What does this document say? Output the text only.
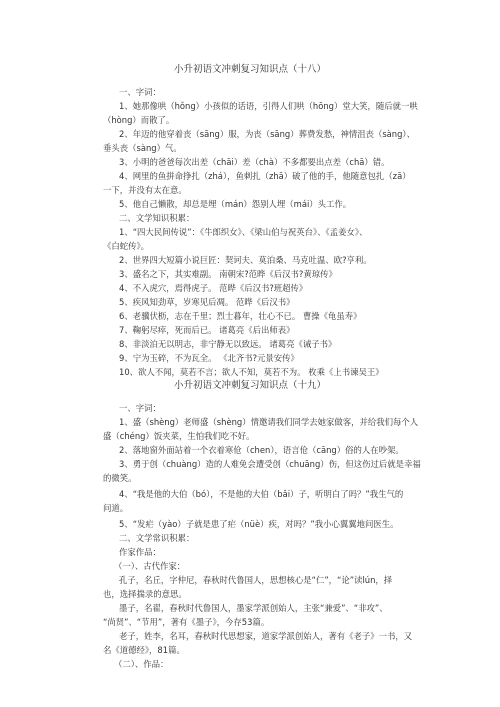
小升初语文冲刺复习知识点（十八）
一、字词：
1、她那像哄（hǒng）小孩似的话语，引得人们哄（hōng）堂大笑，随后就一哄
（hòng）而散了。
2、年迈的他穿着丧（sāng）服，为丧（sāng）葬费发愁，神情沮丧（sàng）、
垂头丧（sàng）气。
3、小明的爸爸每次出差（chāi）差（chà）不多都要出点差（chā）错。
4、网里的鱼拼命挣扎（zhá），鱼刺扎（zhā）破了他的手，他随意包扎（zā）
一下，并没有太在意。
5、他自己懒散，却总是埋（mán）怨别人埋（mái）头工作。
二、文学知识积累：
1、“四大民间传说”：《牛郎织女》、《梁山伯与祝英台》、《孟姜女》、
《白蛇传》。
2、世界四大短篇小说巨匠：契诃夫、莫泊桑、马克吐温、欧?亨利。
3、盛名之下，其实难副。 南朝宋?范晔《后汉书?黄琼传》
4、不入虎穴，焉得虎子。 范晔《后汉书?班超传》
5、疾风知劲草，岁寒见后凋。 范晔《后汉书》
6、老骥伏枥，志在千里；烈士暮年，壮心不已。 曹操《龟虽寿》
7、鞠躬尽瘁，死而后已。 诸葛亮《后出师表》
8、非淡泊无以明志，非宁静无以致远。 诸葛亮《诫子书》
9、宁为玉碎，不为瓦全。 《北齐书?元景安传》
10、欲人不闻，莫若不言；欲人不知，莫若不为。 枚乘《上书谏吴王》
小升初语文冲刺复习知识点（十九）
一、字词：
1、盛（shèng）老师盛（shèng）情邀请我们同学去她家做客，并给我们每个人
盛（chéng）饭夹菜，生怕我们吃不好。
2、落地窗外面站着一个衣着寒伧（chen），语言伧（cāng）俗的人在吵架。
3、勇于创（chuàng）造的人难免会遭受创（chuāng）伤，但这伤过后就是幸福
的微笑。
4、“我是他的大伯（bó），不是他的大伯（bǎi）子，听明白了吗？”我生气的
问道。
5、“发疟（yào）子就是患了疟（nüè）疾，对吗？”我小心翼翼地问医生。
二、文学常识积累：
作家作品：
（一）、古代作家：
孔子，名丘，字仲尼，春秋时代鲁国人，思想核心是“仁”，“论”读lún，择
也，选择揣录的意思。
墨子，名翟，春秋时代鲁国人，墨家学派创始人，主张“兼爱”、“非攻”、
“尚贤”、“节用”，著有《墨子》，今存53篇。
老子，姓李，名耳，春秋时代思想家，道家学派创始人，著有《老子》一书，又
名《道德经》，81篇。
（二）、作品：
